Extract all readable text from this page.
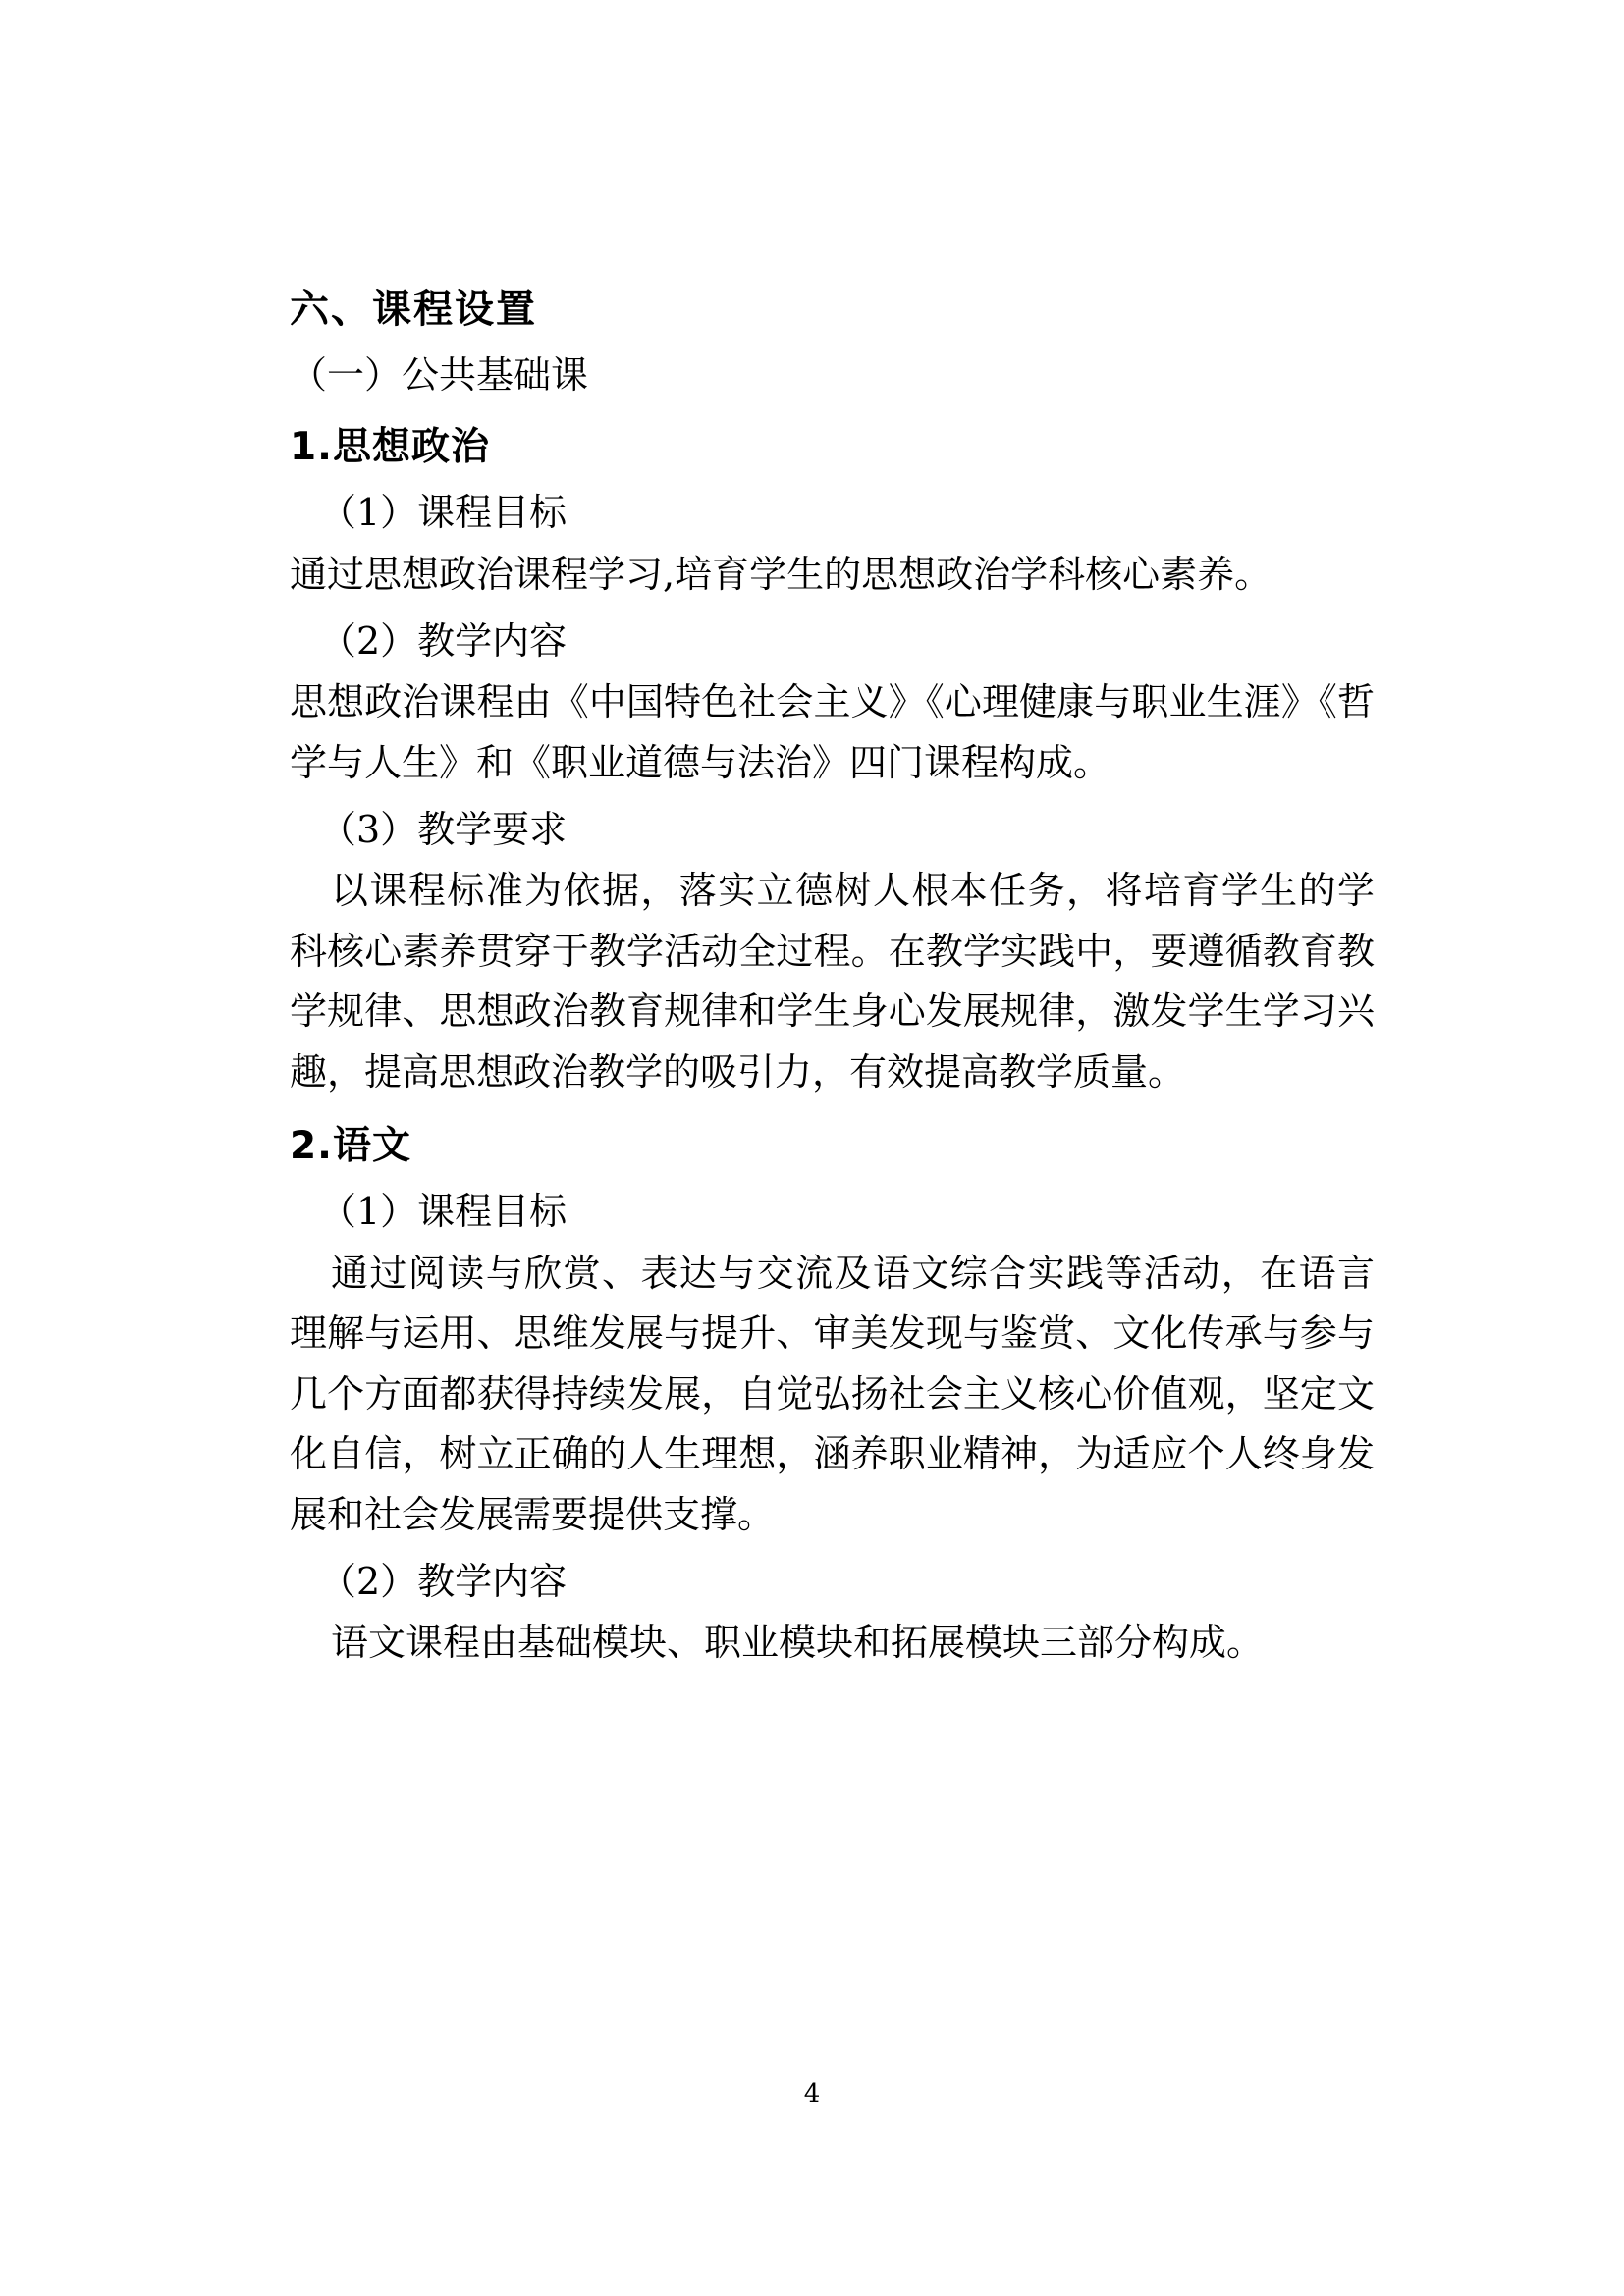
六、课程设置
（一）公共基础课
1.思想政治
（1）课程目标

通过思想政治课程学习,培育学生的思想政治学科核心素养。

（2）教学内容

思想政治课程由《中国特色社会主义》《心理健康与职业生涯》《哲学与人生》和《职业道德与法治》四门课程构成。

（3）教学要求

以课程标准为依据，落实立德树人根本任务，将培育学生的学科核心素养贯穿于教学活动全过程。在教学实践中，要遵循教育教学规律、思想政治教育规律和学生身心发展规律，激发学生学习兴趣，提高思想政治教学的吸引力，有效提高教学质量。

2.语文
（1）课程目标

通过阅读与欣赏、表达与交流及语文综合实践等活动，在语言理解与运用、思维发展与提升、审美发现与鉴赏、文化传承与参与几个方面都获得持续发展，自觉弘扬社会主义核心价值观，坚定文化自信，树立正确的人生理想，涵养职业精神，为适应个人终身发展和社会发展需要提供支撑。

（2）教学内容

语文课程由基础模块、职业模块和拓展模块三部分构成。

4
